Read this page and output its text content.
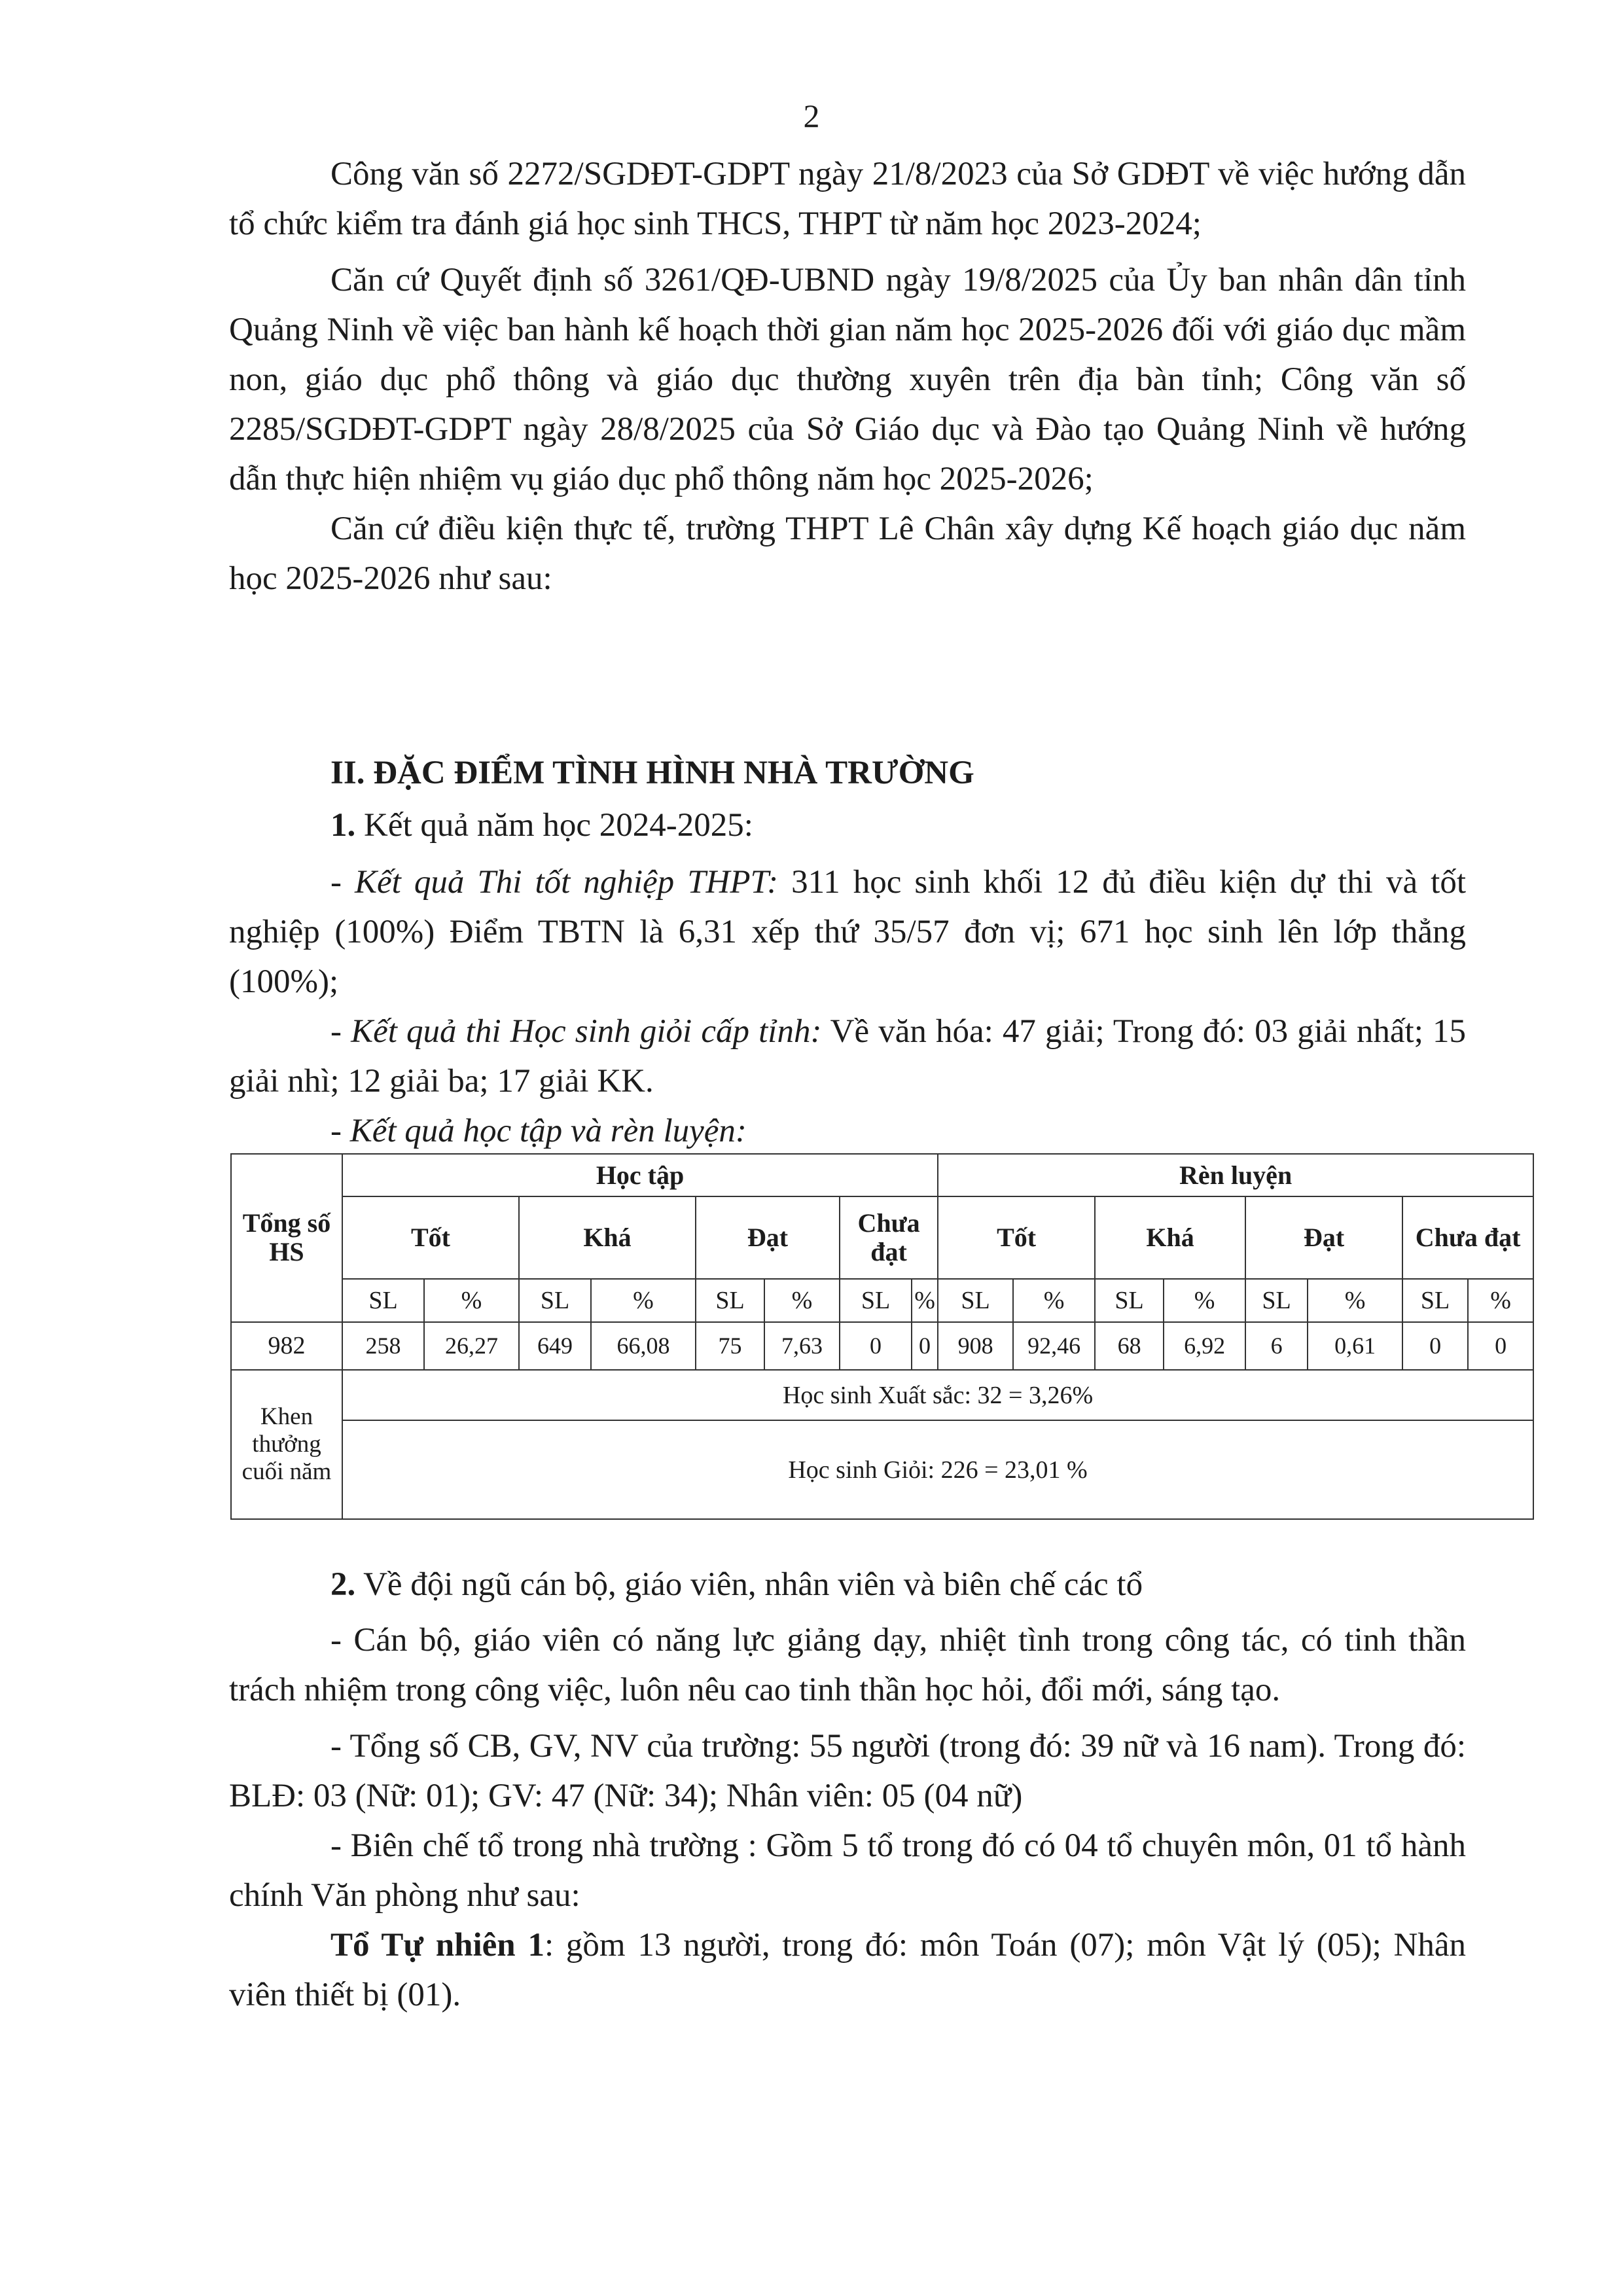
2

Công văn số 2272/SGDĐT-GDPT ngày 21/8/2023 của Sở GDĐT về việc hướng dẫn tổ chức kiểm tra đánh giá học sinh THCS, THPT từ năm học 2023-2024;

Căn cứ Quyết định số 3261/QĐ-UBND ngày 19/8/2025 của Ủy ban nhân dân tỉnh Quảng Ninh về việc ban hành kế hoạch thời gian năm học 2025-2026 đối với giáo dục mầm non, giáo dục phổ thông và giáo dục thường xuyên trên địa bàn tỉnh; Công văn số 2285/SGDĐT-GDPT ngày 28/8/2025 của Sở Giáo dục và Đào tạo Quảng Ninh về hướng dẫn thực hiện nhiệm vụ giáo dục phổ thông năm học 2025-2026;

Căn cứ điều kiện thực tế, trường THPT Lê Chân xây dựng Kế hoạch giáo dục năm học 2025-2026 như sau:

II. ĐẶC ĐIỂM TÌNH HÌNH NHÀ TRƯỜNG
1. Kết quả năm học 2024-2025:

- Kết quả Thi tốt nghiệp THPT: 311 học sinh khối 12 đủ điều kiện dự thi và tốt nghiệp (100%) Điểm TBTN là 6,31 xếp thứ 35/57 đơn vị; 671 học sinh lên lớp thẳng (100%);

- Kết quả thi Học sinh giỏi cấp tỉnh: Về văn hóa: 47 giải; Trong đó: 03 giải nhất; 15 giải nhì; 12 giải ba; 17 giải KK.

- Kết quả học tập và rèn luyện:

Tổng số HS	Học tập								Rèn luyện							
	Tốt		Khá		Đạt		Chưa đạt		Tốt		Khá		Đạt		Chưa đạt	
	SL	%	SL	%	SL	%	SL	%	SL	%	SL	%	SL	%	SL	%
982	258	26,27	649	66,08	75	7,63	0	0	908	92,46	68	6,92	6	0,61	0	0
Khen thưởng cuối năm	Học sinh Xuất sắc: 32 = 3,26%															
	Học sinh Giỏi: 226 = 23,01 %															
2. Về đội ngũ cán bộ, giáo viên, nhân viên và biên chế các tổ

- Cán bộ, giáo viên có năng lực giảng dạy, nhiệt tình trong công tác, có tinh thần trách nhiệm trong công việc, luôn nêu cao tinh thần học hỏi, đổi mới, sáng tạo.

- Tổng số CB, GV, NV của trường: 55 người (trong đó: 39 nữ và 16 nam). Trong đó: BLĐ: 03 (Nữ: 01); GV: 47 (Nữ: 34); Nhân viên: 05 (04 nữ)

- Biên chế tổ trong nhà trường : Gồm 5 tổ trong đó có 04 tổ chuyên môn, 01 tổ hành chính Văn phòng như sau:

Tổ Tự nhiên 1: gồm 13 người, trong đó: môn Toán (07); môn Vật lý (05); Nhân viên thiết bị (01).
